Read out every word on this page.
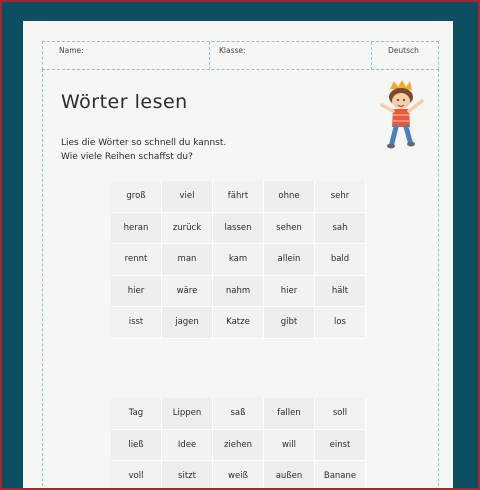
Name:	Klasse:	Deutsch
Wörter lesen
Lies die Wörter so schnell du kannst.
Wie viele Reihen schaffst du?
groß	viel	fährt	ohne	sehr
heran	zurück	lassen	sehen	sah
rennt	man	kam	allein	bald
hier	wäre	nahm	hier	hält
isst	jagen	Katze	gibt	los
Tag	Lippen	saß	fallen	soll
ließ	Idee	ziehen	will	einst
voll	sitzt	weiß	außen	Banane
